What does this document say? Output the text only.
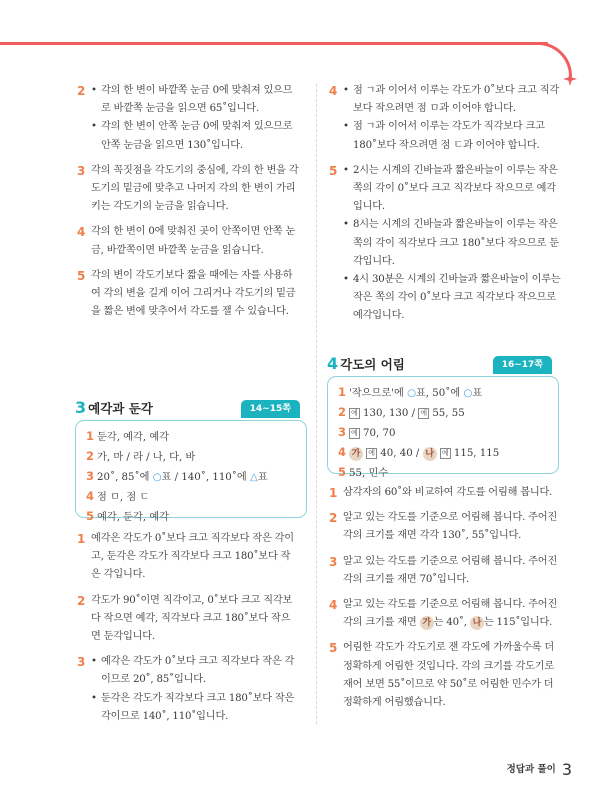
2	• 각의 한 변이 바깥쪽 눈금 0에 맞춰져 있으므로 바깥쪽 눈금을 읽으면 65˚입니다.
• 각의 한 변이 안쪽 눈금 0에 맞춰져 있으므로 안쪽 눈금을 읽으면 130˚입니다.
3 각의 꼭짓점을 각도기의 중심에, 각의 한 변을 각도기의 밑금에 맞추고 나머지 각의 한 변이 가리키는 각도기의 눈금을 읽습니다.
4 각의 한 변이 0에 맞춰진 곳이 안쪽이면 안쪽 눈금, 바깥쪽이면 바깥쪽 눈금을 읽습니다.
5 각의 변이 각도기보다 짧을 때에는 자를 사용하여 각의 변을 길게 이어 그리거나 각도기의 밑금을 짧은 변에 맞추어서 각도를 잴 수 있습니다.
4	• 점 ㄱ과 이어서 이루는 각도가 0˚보다 크고 직각보다 작으려면 점 ㅁ과 이어야 합니다.
• 점 ㄱ과 이어서 이루는 각도가 직각보다 크고 180˚보다 작으려면 점 ㄷ과 이어야 합니다.
5	• 2시는 시계의 긴바늘과 짧은바늘이 이루는 작은 쪽의 각이 0˚보다 크고 직각보다 작으므로 예각입니다.
• 8시는 시계의 긴바늘과 짧은바늘이 이루는 작은 쪽의 각이 직각보다 크고 180˚보다 작으므로 둔각입니다.
• 4시 30분은 시계의 긴바늘과 짧은바늘이 이루는 작은 쪽의 각이 0˚보다 크고 직각보다 작으므로 예각입니다.
3 예각과 둔각	14~15쪽
1 둔각, 예각, 예각
2 가, 마 / 라 / 나, 다, 바
3 20˚, 85˚에 ○표 / 140˚, 110˚에 △표
4 점 ㅁ, 점 ㄷ
5 예각, 둔각, 예각
1 예각은 각도가 0˚보다 크고 직각보다 작은 각이고, 둔각은 각도가 직각보다 크고 180˚보다 작은 각입니다.
2 각도가 90˚이면 직각이고, 0˚보다 크고 직각보다 작으면 예각, 직각보다 크고 180˚보다 작으면 둔각입니다.
3	• 예각은 각도가 0˚보다 크고 직각보다 작은 각이므로 20˚, 85˚입니다.
• 둔각은 각도가 직각보다 크고 180˚보다 작은 각이므로 140˚, 110˚입니다.
4 각도의 어림	16~17쪽
1 '작으므로'에 ○표, 50˚에 ○표
2 예 130, 130 / 예 55, 55
3 예 70, 70
4 가 예 40, 40 / 나 예 115, 115
5 55, 민수
1 삼각자의 60˚와 비교하여 각도를 어림해 봅니다.
2 알고 있는 각도를 기준으로 어림해 봅니다. 주어진 각의 크기를 재면 각각 130˚, 55˚입니다.
3 알고 있는 각도를 기준으로 어림해 봅니다. 주어진 각의 크기를 재면 70˚입니다.
4 알고 있는 각도를 기준으로 어림해 봅니다. 주어진 각의 크기를 재면 가 는 40˚, 나 는 115˚입니다.
5 어림한 각도가 각도기로 잰 각도에 가까울수록 더 정확하게 어림한 것입니다. 각의 크기를 각도기로 재어 보면 55˚이므로 약 50˚로 어림한 민수가 더 정확하게 어림했습니다.
정답과 풀이 3
